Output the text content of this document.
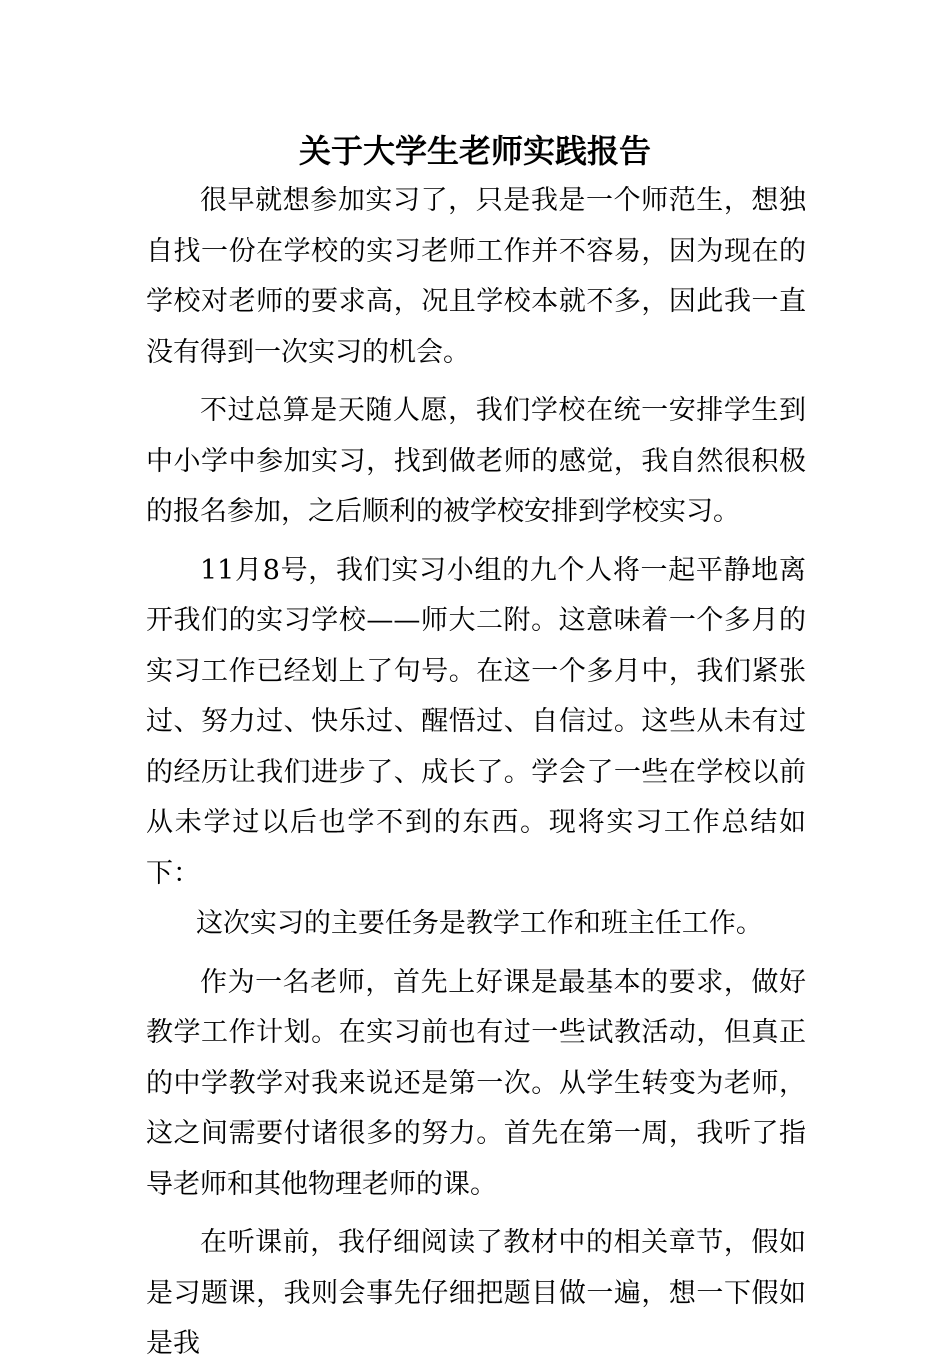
关于大学生老师实践报告

很早就想参加实习了，只是我是一个师范生，想独自找一份在学校的实习老师工作并不容易，因为现在的学校对老师的要求高，况且学校本就不多，因此我一直没有得到一次实习的机会。

不过总算是天随人愿，我们学校在统一安排学生到中小学中参加实习，找到做老师的感觉，我自然很积极的报名参加，之后顺利的被学校安排到学校实习。

11月8号，我们实习小组的九个人将一起平静地离开我们的实习学校——师大二附。这意味着一个多月的实习工作已经划上了句号。在这一个多月中，我们紧张过、努力过、快乐过、醒悟过、自信过。这些从未有过的经历让我们进步了、成长了。学会了一些在学校以前从未学过以后也学不到的东西。现将实习工作总结如下：

这次实习的主要任务是教学工作和班主任工作。

作为一名老师，首先上好课是最基本的要求，做好教学工作计划。在实习前也有过一些试教活动，但真正的中学教学对我来说还是第一次。从学生转变为老师，这之间需要付诸很多的努力。首先在第一周，我听了指导老师和其他物理老师的课。

在听课前，我仔细阅读了教材中的相关章节，假如是习题课，我则会事先仔细把题目做一遍，想一下假如是我
